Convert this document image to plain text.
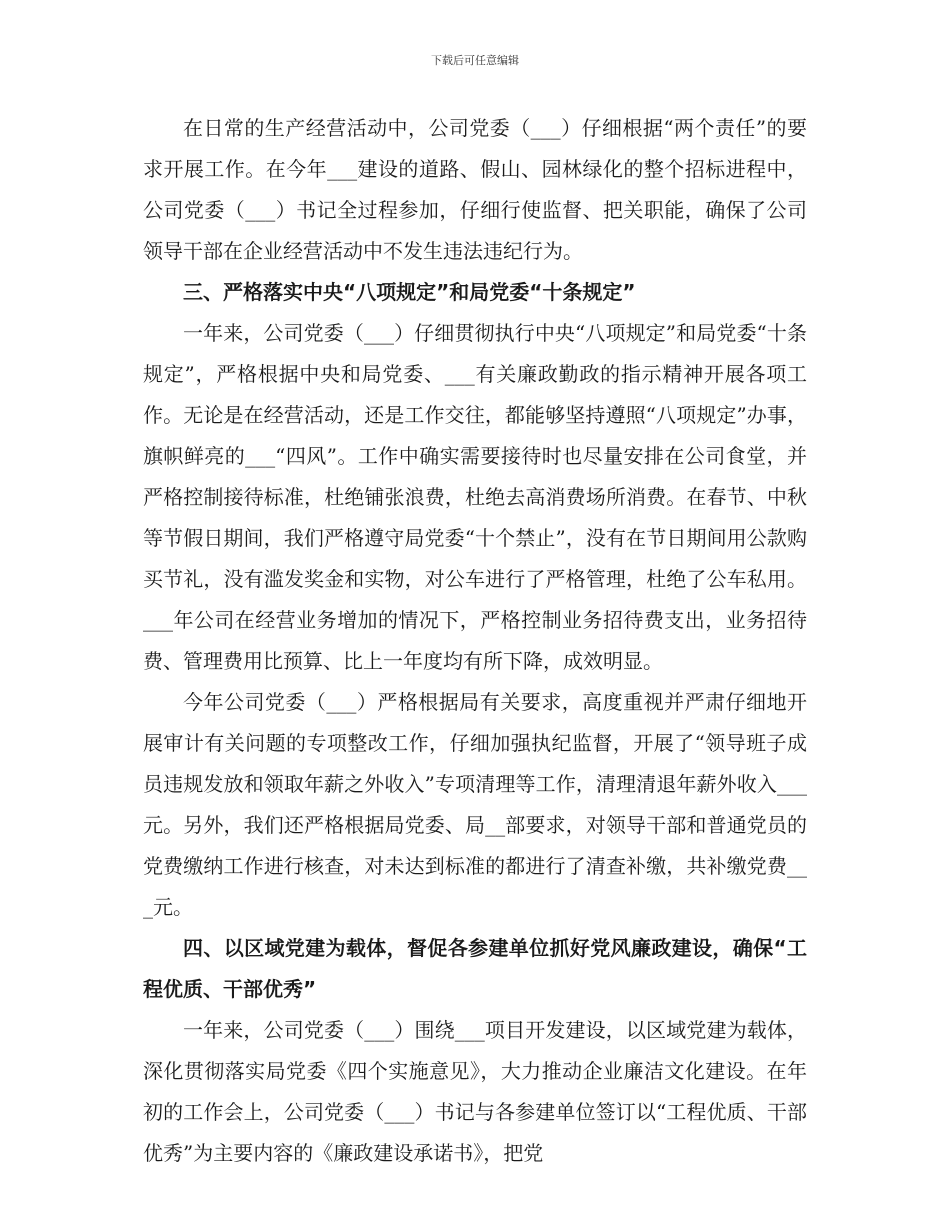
下载后可任意编辑

在日常的生产经营活动中，公司党委（___）仔细根据“两个责任”的要求开展工作。在今年___建设的道路、假山、园林绿化的整个招标进程中，公司党委（___）书记全过程参加，仔细行使监督、把关职能，确保了公司领导干部在企业经营活动中不发生违法违纪行为。

三、严格落实中央“八项规定”和局党委“十条规定”

一年来，公司党委（___）仔细贯彻执行中央“八项规定”和局党委“十条规定”，严格根据中央和局党委、___有关廉政勤政的指示精神开展各项工作。无论是在经营活动，还是工作交往，都能够坚持遵照“八项规定”办事，旗帜鲜亮的___“四风”。工作中确实需要接待时也尽量安排在公司食堂，并严格控制接待标准，杜绝铺张浪费，杜绝去高消费场所消费。在春节、中秋等节假日期间，我们严格遵守局党委“十个禁止”，没有在节日期间用公款购买节礼，没有滥发奖金和实物，对公车进行了严格管理，杜绝了公车私用。___年公司在经营业务增加的情况下，严格控制业务招待费支出，业务招待费、管理费用比预算、比上一年度均有所下降，成效明显。

今年公司党委（___）严格根据局有关要求，高度重视并严肃仔细地开展审计有关问题的专项整改工作，仔细加强执纪监督，开展了“领导班子成员违规发放和领取年薪之外收入”专项清理等工作，清理清退年薪外收入___元。另外，我们还严格根据局党委、局__部要求，对领导干部和普通党员的党费缴纳工作进行核查，对未达到标准的都进行了清查补缴，共补缴党费___元。

四、以区域党建为载体，督促各参建单位抓好党风廉政建设，确保“工程优质、干部优秀”

一年来，公司党委（___）围绕___项目开发建设，以区域党建为载体，深化贯彻落实局党委《四个实施意见》，大力推动企业廉洁文化建设。在年初的工作会上，公司党委（___）书记与各参建单位签订以“工程优质、干部优秀”为主要内容的《廉政建设承诺书》，把党
